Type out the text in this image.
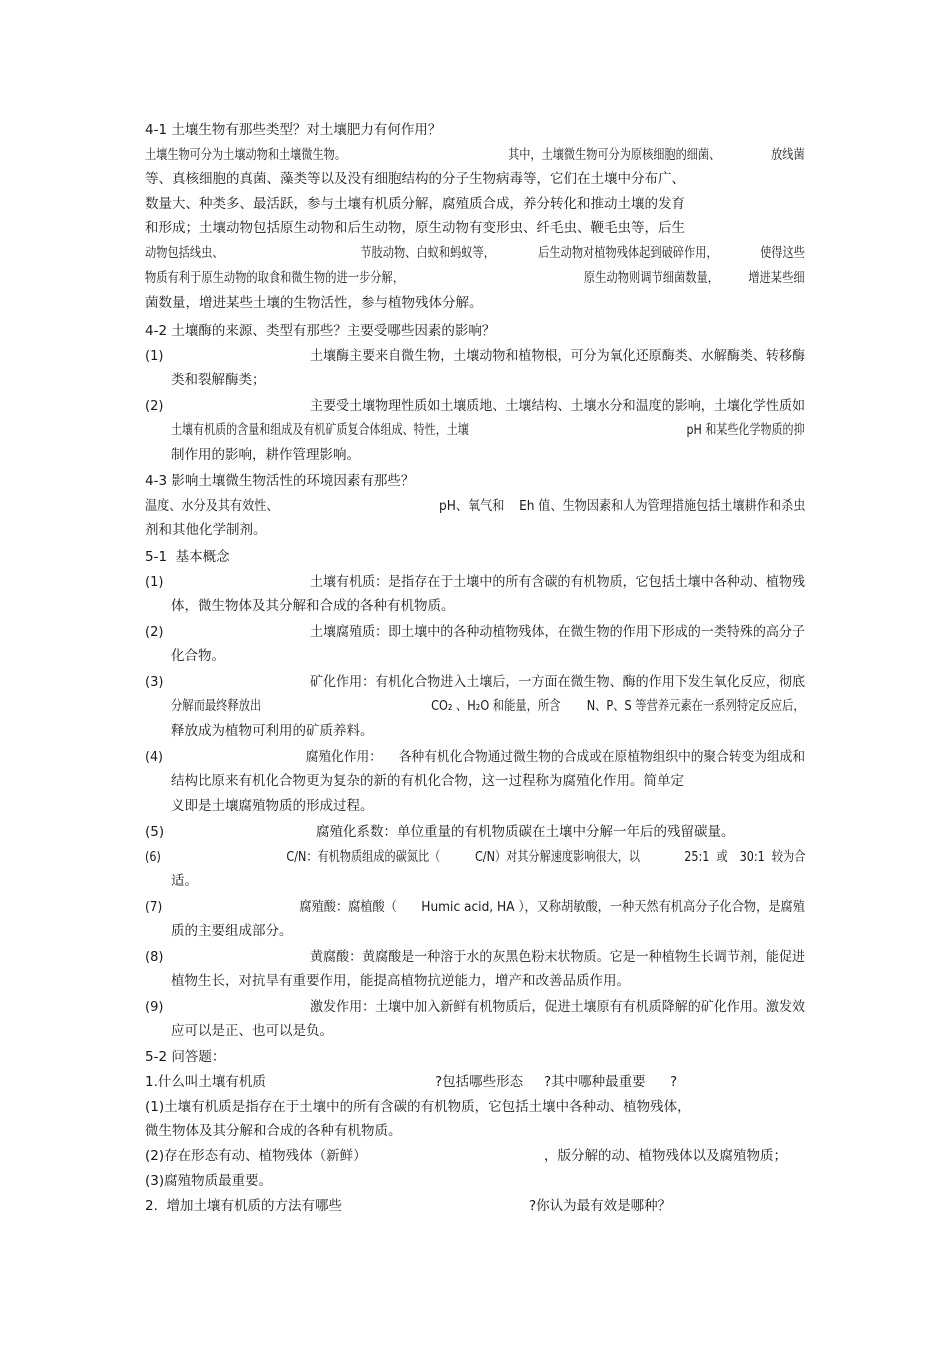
4-1 土壤生物有那些类型？对土壤肥力有何作用？
土壤生物可分为土壤动物和土壤微生物。	其中，土壤微生物可分为原核细胞的细菌、	放线菌
等、真核细胞的真菌、藻类等以及没有细胞结构的分子生物病毒等，它们在土壤中分布广、
数量大、种类多、最活跃，参与土壤有机质分解，腐殖质合成，养分转化和推动土壤的发育
和形成；土壤动物包括原生动物和后生动物，原生动物有变形虫、纤毛虫、鞭毛虫等，后生
动物包括线虫、	节肢动物、白蚁和蚂蚁等，	后生动物对植物残体起到破碎作用，	使得这些
物质有利于原生动物的取食和微生物的进一步分解，	原生动物则调节细菌数量， 增进某些细
菌数量，增进某些土壤的生物活性，参与植物残体分解。
4-2 土壤酶的来源、类型有那些？主要受哪些因素的影响？
(1)	土壤酶主要来自微生物，土壤动物和植物根，可分为氧化还原酶类、水解酶类、转移酶
类和裂解酶类；
(2)	主要受土壤物理性质如土壤质地、土壤结构、土壤水分和温度的影响，土壤化学性质如
土壤有机质的含量和组成及有机矿质复合体组成、特性，土壤	pH 和某些化学物质的抑
制作用的影响，耕作管理影响。
4-3 影响土壤微生物活性的环境因素有那些？
温度、水分及其有效性、	pH、氧气和 Eh 值、生物因素和人为管理措施包括土壤耕作和杀虫
剂和其他化学制剂。
5-1  基本概念
(1)	土壤有机质：是指存在于土壤中的所有含碳的有机物质，它包括土壤中各种动、植物残
体，微生物体及其分解和合成的各种有机物质。
(2)	土壤腐殖质：即土壤中的各种动植物残体，在微生物的作用下形成的一类特殊的高分子
化合物。
(3)	矿化作用：有机化合物进入土壤后，一方面在微生物、酶的作用下发生氧化反应，彻底
分解而最终释放出	CO₂ 、H₂O 和能量，所含 N、P、S 等营养元素在一系列特定反应后，
释放成为植物可利用的矿质养料。
(4)	腐殖化作用： 各种有机化合物通过微生物的合成或在原植物组织中的聚合转变为组成和
结构比原来有机化合物更为复杂的新的有机化合物，这一过程称为腐殖化作用。简单定
义即是土壤腐殖物质的形成过程。
(5)	腐殖化系数：单位重量的有机物质碳在土壤中分解一年后的残留碳量。
(6)	C/N：有机物质组成的碳氮比（	C/N）对其分解速度影响很大，以	25:1  或 30:1  较为合
适。
(7)	腐殖酸：腐植酸（ Humic acid, HA ），又称胡敏酸，一种天然有机高分子化合物，是腐殖
质的主要组成部分。
(8)	黄腐酸：黄腐酸是一种溶于水的灰黑色粉末状物质。它是一种植物生长调节剂，能促进
植物生长，对抗旱有重要作用，能提高植物抗逆能力，增产和改善品质作用。
(9)	激发作用：土壤中加入新鲜有机物质后，促进土壤原有有机质降解的矿化作用。激发效
应可以是正、也可以是负。
5-2 问答题：
1.什么叫土壤有机质	?包括哪些形态 ?其中哪种最重要 ?
(1)土壤有机质是指存在于土壤中的所有含碳的有机物质，它包括土壤中各种动、植物残体，
微生物体及其分解和合成的各种有机物质。
(2)存在形态有动、植物残体（新鲜）	，版分解的动、植物残体以及腐殖物质；
(3)腐殖物质最重要。
2.  增加土壤有机质的方法有哪些	?你认为最有效是哪种？
